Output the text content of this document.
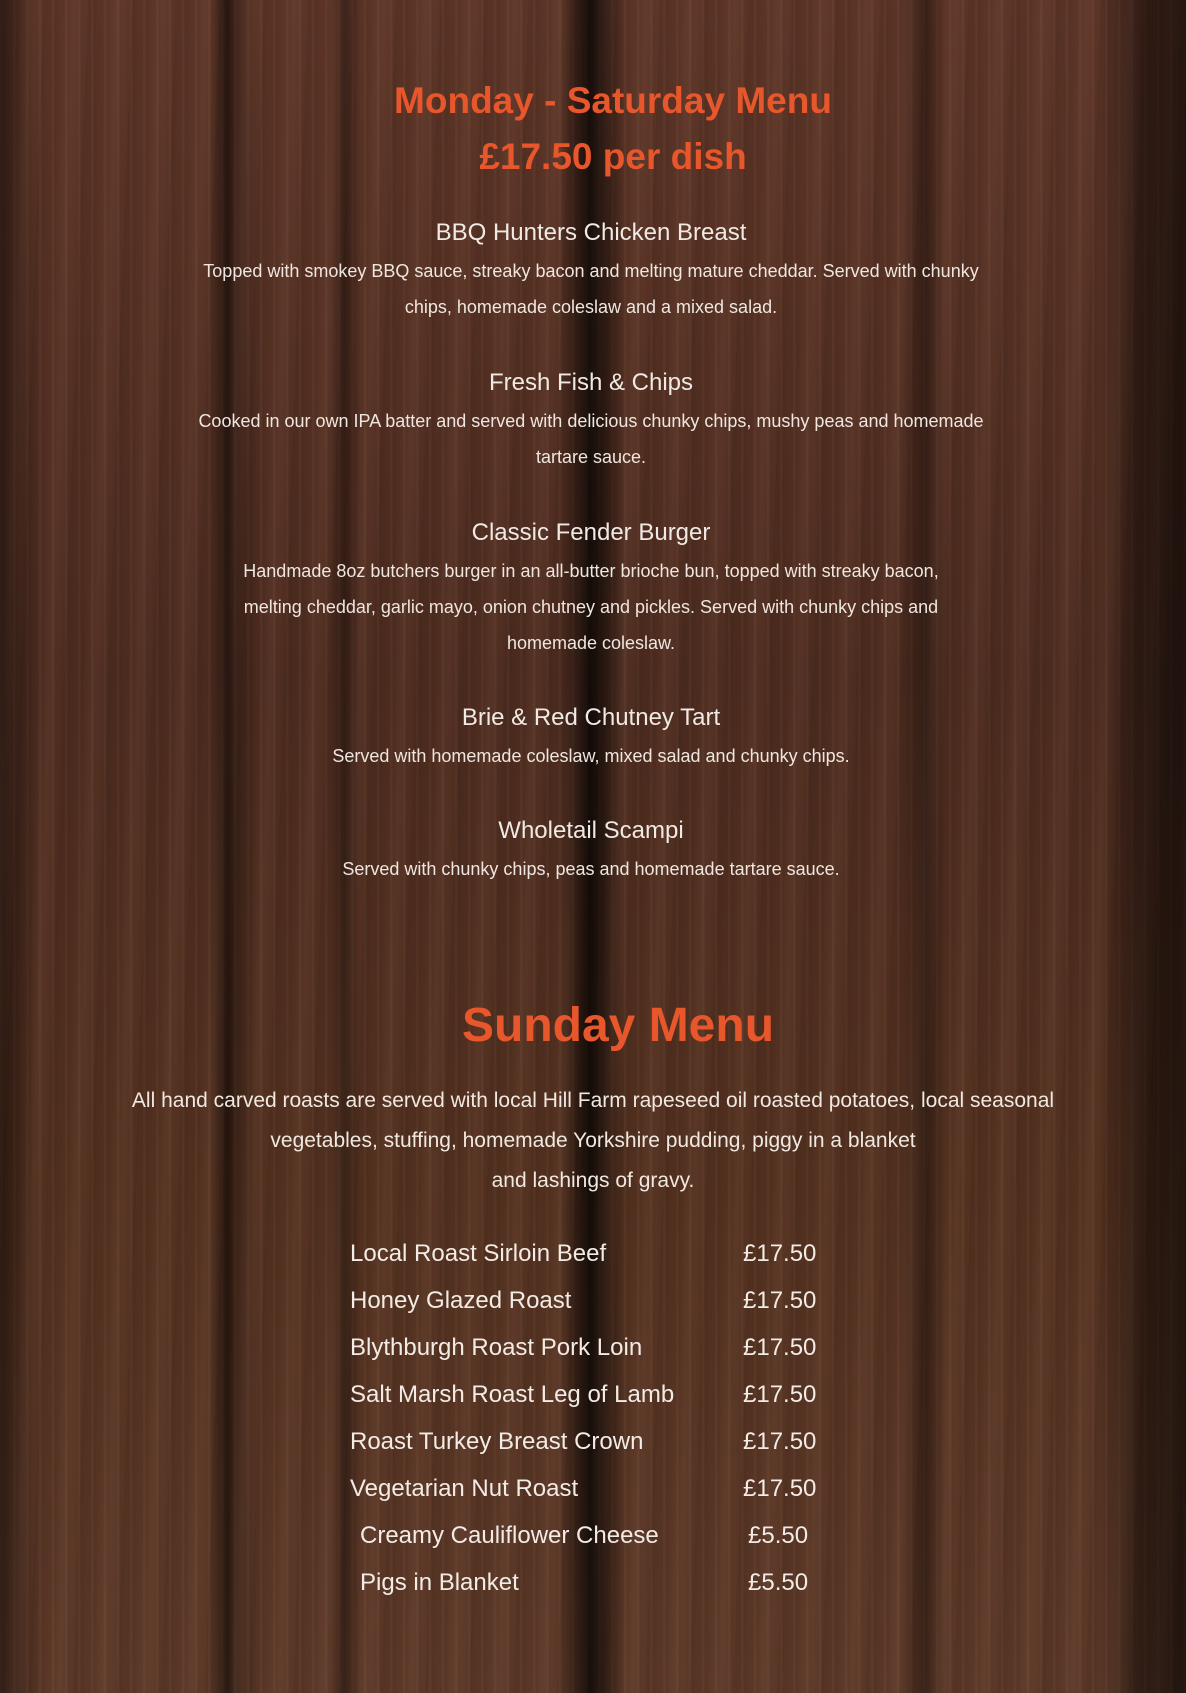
Monday - Saturday Menu
£17.50 per dish
BBQ Hunters Chicken Breast
Topped with smokey BBQ sauce, streaky bacon and melting mature cheddar. Served with chunky
chips, homemade coleslaw and a mixed salad.
Fresh Fish & Chips
Cooked in our own IPA batter and served with delicious chunky chips, mushy peas and homemade
tartare sauce.
Classic Fender Burger
Handmade 8oz butchers burger in an all-butter brioche bun, topped with streaky bacon,
melting cheddar, garlic mayo, onion chutney and pickles. Served with chunky chips and
homemade coleslaw.
Brie & Red Chutney Tart
Served with homemade coleslaw, mixed salad and chunky chips.
Wholetail Scampi
Served with chunky chips, peas and homemade tartare sauce.
Sunday Menu
All hand carved roasts are served with local Hill Farm rapeseed oil roasted potatoes, local seasonal
vegetables, stuffing, homemade Yorkshire pudding, piggy in a blanket
and lashings of gravy.
Local Roast Sirloin Beef	£17.50
Honey Glazed Roast	£17.50
Blythburgh Roast Pork Loin	£17.50
Salt Marsh Roast Leg of Lamb	£17.50
Roast Turkey Breast Crown	£17.50
Vegetarian Nut Roast	£17.50
Creamy Cauliflower Cheese	£5.50
Pigs in Blanket	£5.50
